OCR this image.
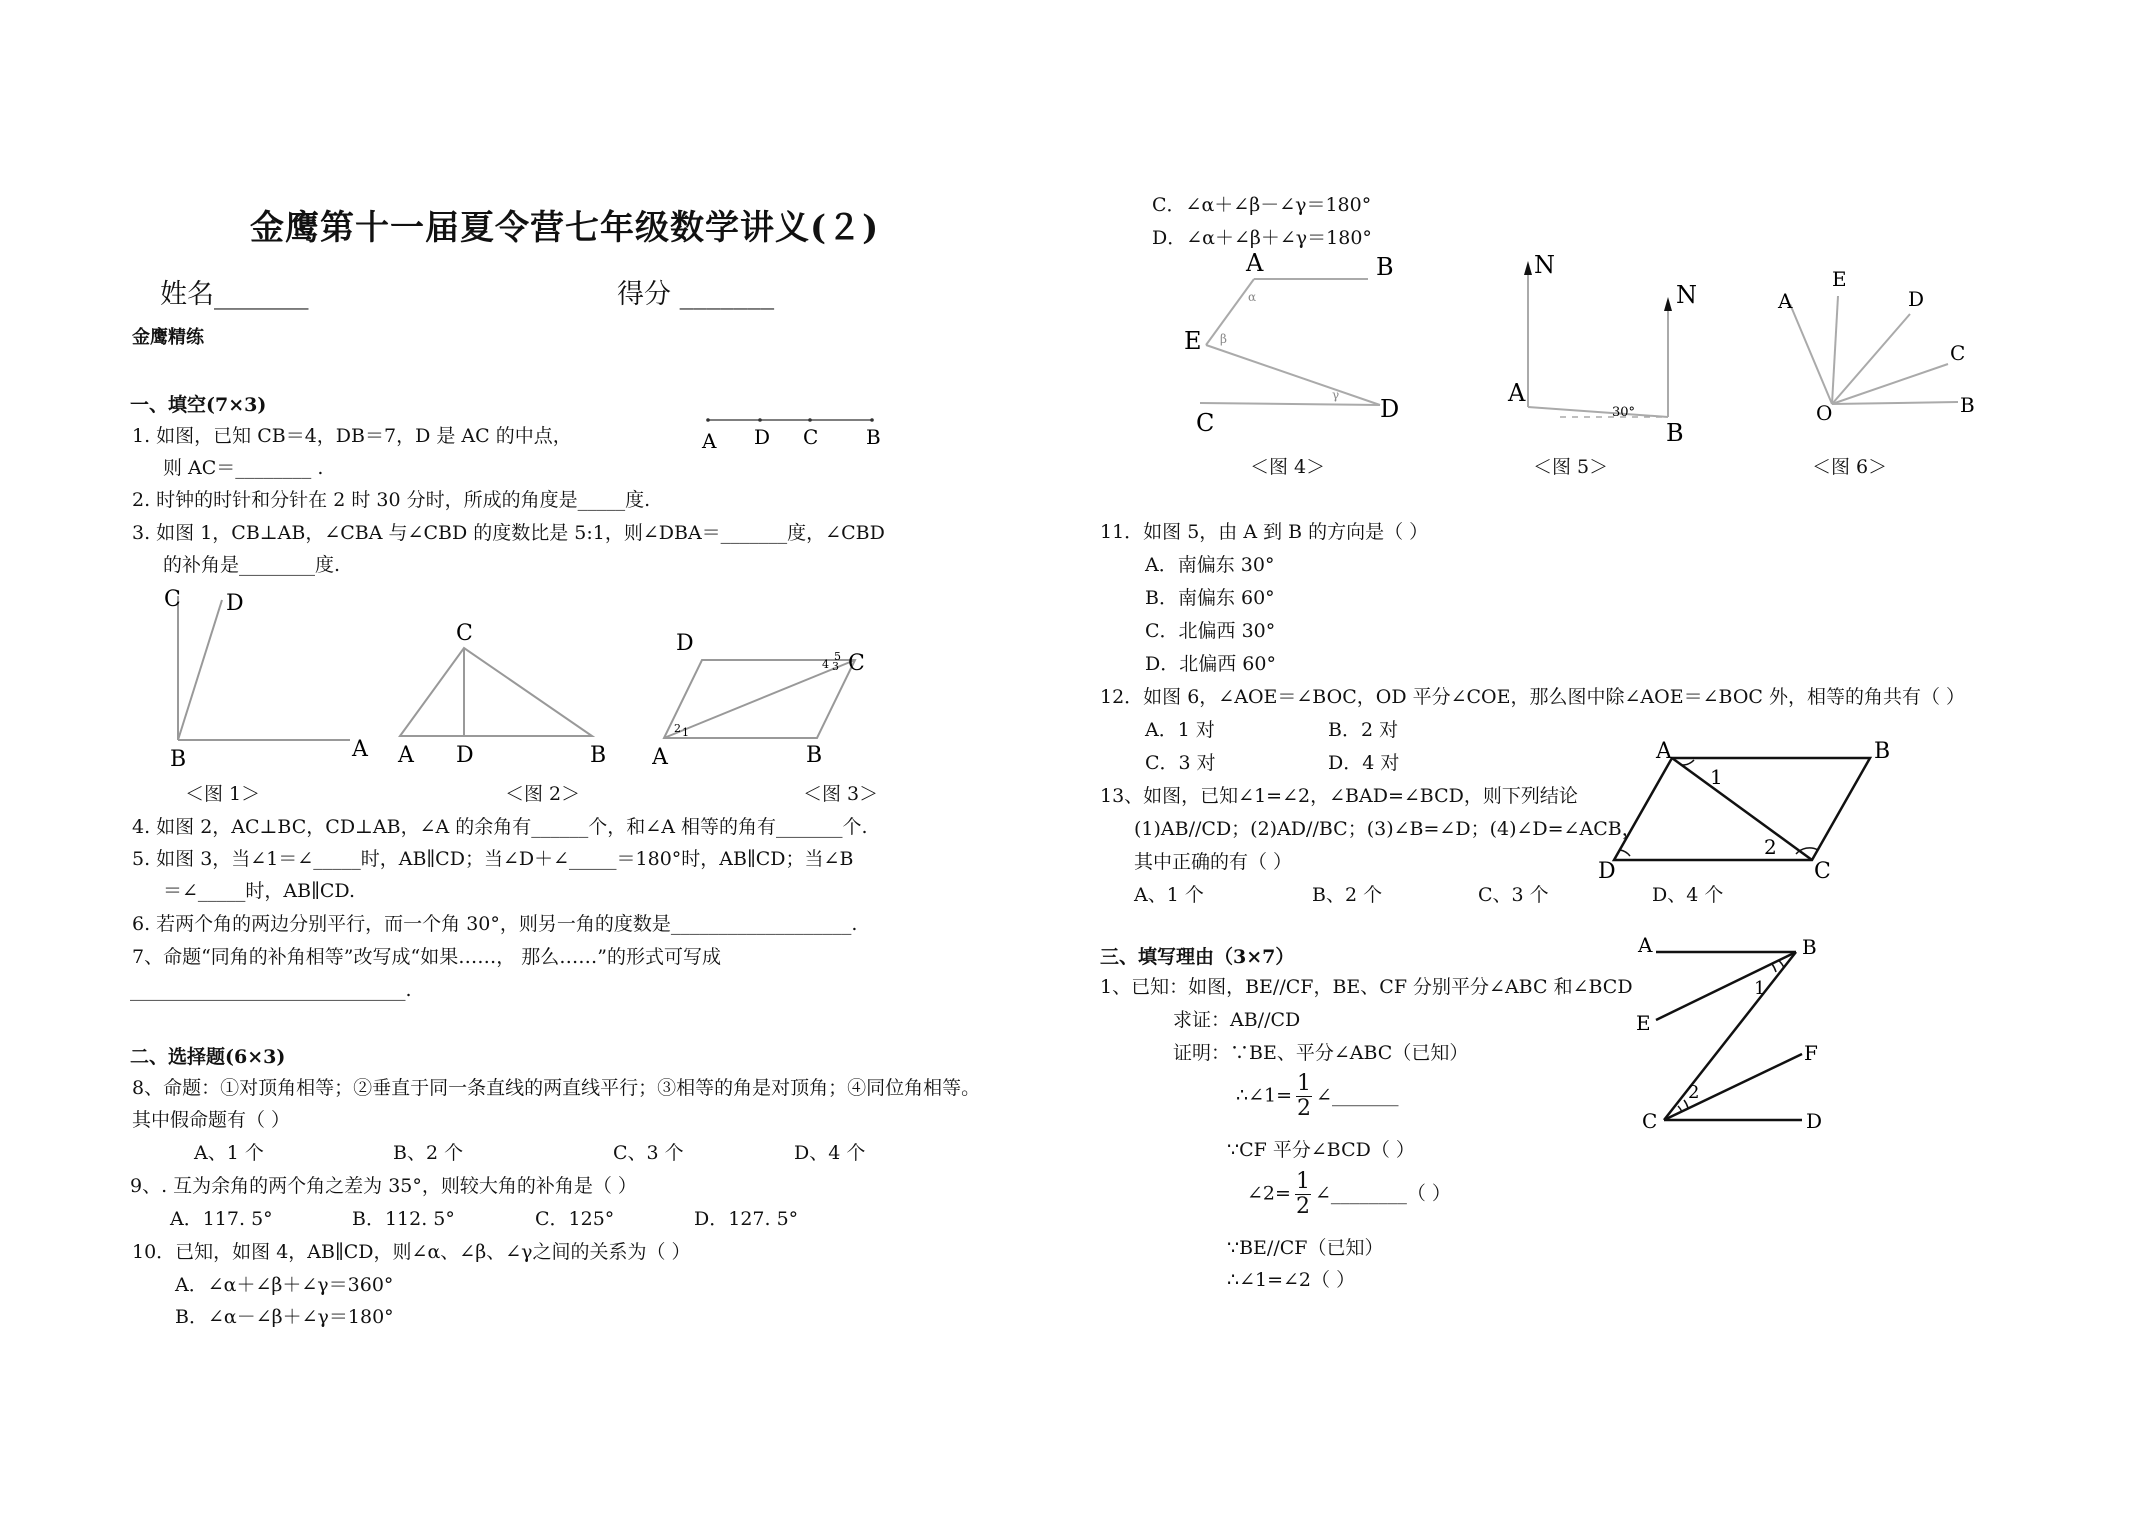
金鹰第十一届夏令营七年级数学讲义(２)
姓名_______	得分 _______
金鹰精练
一、填空(7×3)
1. 如图，已知 CB＝4，DB＝7，D 是 AC 的中点，
则 AC＝________ .
2. 时钟的时针和分针在 2 时 30 分时，所成的角度是_____度.
3. 如图 1，CB⊥AB，∠CBA 与∠CBD 的度数比是 5:1，则∠DBA＝_______度，∠CBD
的补角是________度.
A D C B
C D
B	A
＜图 1＞
C
A D	B
＜图 2＞
2 1
4
5
3
D
C
A	B
＜图 3＞
4. 如图 2，AC⊥BC，CD⊥AB，∠A 的余角有______个，和∠A 相等的角有_______个.
5. 如图 3，当∠1＝∠_____时，AB∥CD；当∠D＋∠_____＝180°时，AB∥CD；当∠B
＝∠_____时，AB∥CD.
6. 若两个角的两边分别平行，而一个角 30°，则另一角的度数是___________________.
7、命题“同角的补角相等”改写成“如果……， 那么……”的形式可写成
_____________________________.
二、选择题(6×3)
8、命题：①对顶角相等；②垂直于同一条直线的两直线平行；③相等的角是对顶角；④同位角相等。
其中假命题有（ ）
A、1 个	B、2 个	C、3 个	D、4 个
9、. 互为余角的两个角之差为 35°，则较大角的补角是（ ）
A．117. 5°	B．112. 5°	C．125°	D．127. 5°
10．已知，如图 4，AB∥CD，则∠α、∠β、∠γ之间的关系为（ ）
A．∠α＋∠β＋∠γ＝360°
B．∠α－∠β＋∠γ＝180°
C．∠α＋∠β－∠γ＝180°
D．∠α＋∠β＋∠γ＝180°
α
β
γ
A	B
E
C	D
＜图 4＞
30°
N
N
A
B
＜图 5＞
A
E
D
C
B
O
＜图 6＞
11．如图 5，由 A 到 B 的方向是（ ）
A．南偏东 30°
B．南偏东 60°
C．北偏西 30°
D．北偏西 60°
12．如图 6，∠AOE＝∠BOC，OD 平分∠COE，那么图中除∠AOE＝∠BOC 外，相等的角共有（ ）
A．1 对	B．2 对
C．3 对	D．4 对
13、如图，已知∠1=∠2，∠BAD=∠BCD，则下列结论
(1)AB//CD；(2)AD//BC；(3)∠B=∠D；(4)∠D=∠ACB，
其中正确的有（ ）
A、1 个	B、2 个	C、3 个	D、4 个
A	B
D	C
1
2
三、填写理由（3×7）
1、已知：如图，BE//CF，BE、CF 分别平分∠ABC 和∠BCD
求证：AB//CD
证明：∵BE、平分∠ABC（已知）
∴∠1= $\frac{1}{2}$ ∠_______
∵CF 平分∠BCD（ ）
∠2= $\frac{1}{2}$ ∠________（ ）
∵BE//CF（已知）
∴∠1=∠2（ ）
A	B
E
F
C	D
1
2
